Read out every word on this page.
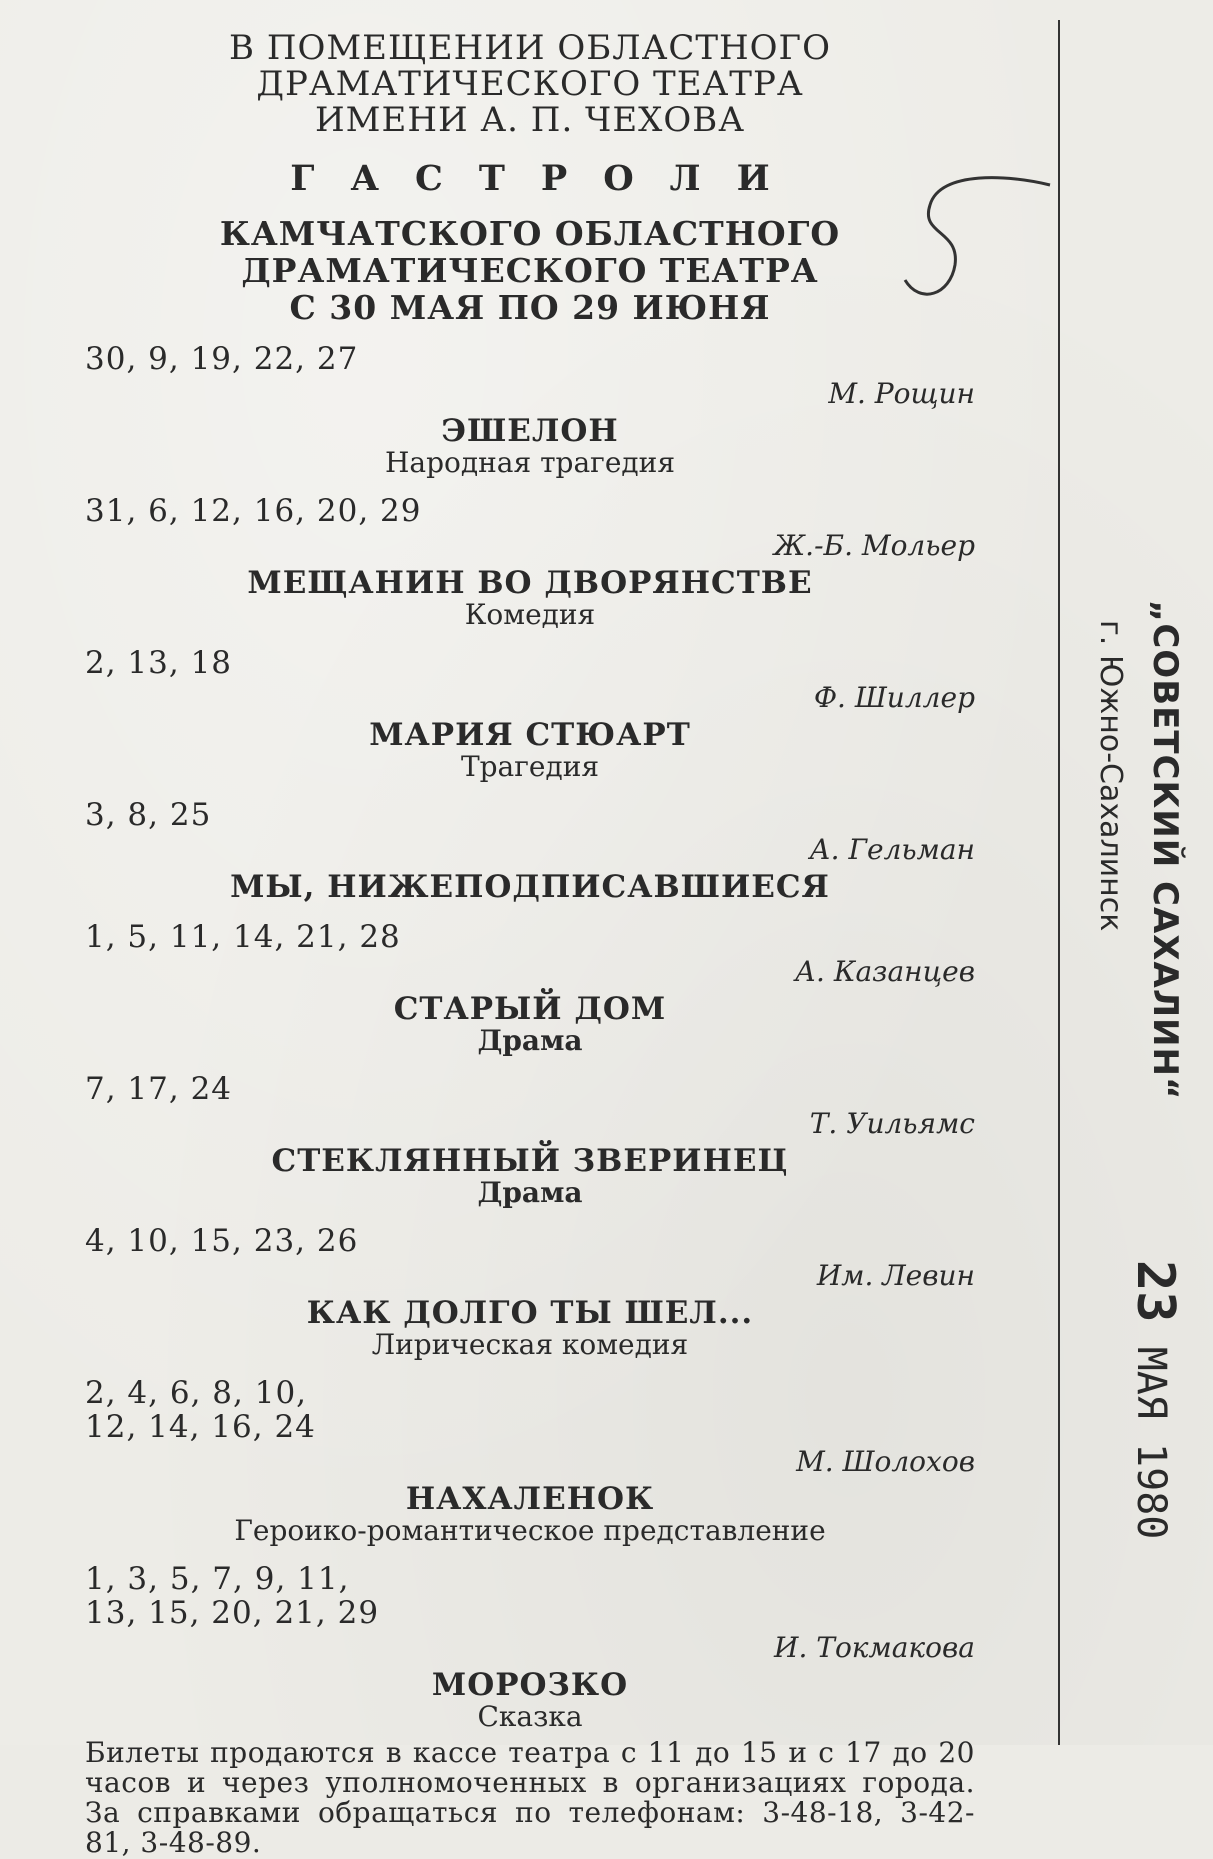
В ПОМЕЩЕНИИ ОБЛАСТНОГО
ДРАМАТИЧЕСКОГО ТЕАТРА
ИМЕНИ А. П. ЧЕХОВА
ГАСТРОЛИ
КАМЧАТСКОГО ОБЛАСТНОГО
ДРАМАТИЧЕСКОГО ТЕАТРА
С 30 МАЯ ПО 29 ИЮНЯ
30, 9, 19, 22, 27
М. Рощин
ЭШЕЛОН
Народная трагедия
31, 6, 12, 16, 20, 29
Ж.-Б. Мольер
МЕЩАНИН ВО ДВОРЯНСТВЕ
Комедия
2, 13, 18
Ф. Шиллер
МАРИЯ СТЮАРТ
Трагедия
3, 8, 25
А. Гельман
МЫ, НИЖЕПОДПИСАВШИЕСЯ
1, 5, 11, 14, 21, 28
А. Казанцев
СТАРЫЙ ДОМ
Драма
7, 17, 24
Т. Уильямс
СТЕКЛЯННЫЙ ЗВЕРИНЕЦ
Драма
4, 10, 15, 23, 26
Им. Левин
КАК ДОЛГО ТЫ ШЕЛ...
Лирическая комедия
2, 4, 6, 8, 10,
12, 14, 16, 24
М. Шолохов
НАХАЛЕНОК
Героико-романтическое представление
1, 3, 5, 7, 9, 11,
13, 15, 20, 21, 29
И. Токмакова
МОРОЗКО
Сказка
Билеты продаются в кассе театра с 11 до 15 и с 17 до 20 часов и через уполномоченных в организациях города. За справками обращаться по телефонам: 3-48-18, 3-42-81, 3-48-89.
„СОВЕТСКИЙ САХАЛИН“
г. Южно-Сахалинск
23 МАЯ 1980
